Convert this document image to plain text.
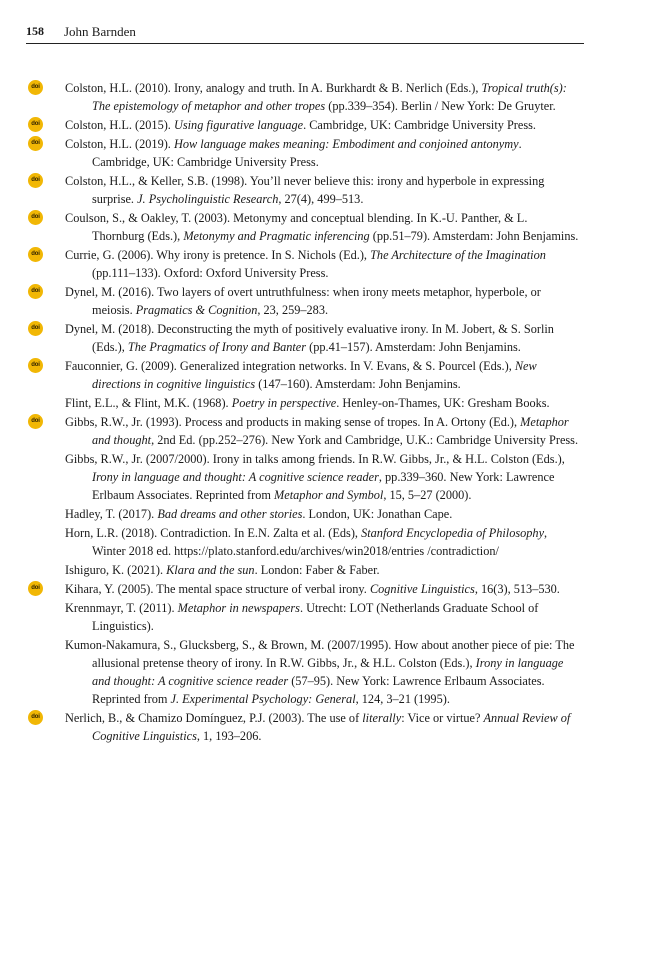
158 John Barnden
doi Colston, H.L. (2010). Irony, analogy and truth. In A. Burkhardt & B. Nerlich (Eds.), Tropical truth(s): The epistemology of metaphor and other tropes (pp.339–354). Berlin / New York: De Gruyter.
doi Colston, H.L. (2015). Using figurative language. Cambridge, UK: Cambridge University Press.
doi Colston, H.L. (2019). How language makes meaning: Embodiment and conjoined antonymy. Cambridge, UK: Cambridge University Press.
doi Colston, H.L., & Keller, S.B. (1998). You’ll never believe this: irony and hyperbole in expressing surprise. J. Psycholinguistic Research, 27(4), 499–513.
doi Coulson, S., & Oakley, T. (2003). Metonymy and conceptual blending. In K.-U. Panther, & L. Thornburg (Eds.), Metonymy and Pragmatic inferencing (pp.51–79). Amsterdam: John Benjamins.
doi Currie, G. (2006). Why irony is pretence. In S. Nichols (Ed.), The Architecture of the Imagination (pp.111–133). Oxford: Oxford University Press.
doi Dynel, M. (2016). Two layers of overt untruthfulness: when irony meets metaphor, hyperbole, or meiosis. Pragmatics & Cognition, 23, 259–283.
doi Dynel, M. (2018). Deconstructing the myth of positively evaluative irony. In M. Jobert, & S. Sorlin (Eds.), The Pragmatics of Irony and Banter (pp.41–157). Amsterdam: John Benjamins.
doi Fauconnier, G. (2009). Generalized integration networks. In V. Evans, & S. Pourcel (Eds.), New directions in cognitive linguistics (147–160). Amsterdam: John Benjamins.
Flint, E.L., & Flint, M.K. (1968). Poetry in perspective. Henley-on-Thames, UK: Gresham Books.
doi Gibbs, R.W., Jr. (1993). Process and products in making sense of tropes. In A. Ortony (Ed.), Metaphor and thought, 2nd Ed. (pp.252–276). New York and Cambridge, U.K.: Cambridge University Press.
Gibbs, R.W., Jr. (2007/2000). Irony in talks among friends. In R.W. Gibbs, Jr., & H.L. Colston (Eds.), Irony in language and thought: A cognitive science reader, pp.339–360. New York: Lawrence Erlbaum Associates. Reprinted from Metaphor and Symbol, 15, 5–27 (2000).
Hadley, T. (2017). Bad dreams and other stories. London, UK: Jonathan Cape.
Horn, L.R. (2018). Contradiction. In E.N. Zalta et al. (Eds), Stanford Encyclopedia of Philosophy, Winter 2018 ed. https://plato.stanford.edu/archives/win2018/entries /contradiction/
Ishiguro, K. (2021). Klara and the sun. London: Faber & Faber.
doi Kihara, Y. (2005). The mental space structure of verbal irony. Cognitive Linguistics, 16(3), 513–530.
Krennmayr, T. (2011). Metaphor in newspapers. Utrecht: LOT (Netherlands Graduate School of Linguistics).
Kumon-Nakamura, S., Glucksberg, S., & Brown, M. (2007/1995). How about another piece of pie: The allusional pretense theory of irony. In R.W. Gibbs, Jr., & H.L. Colston (Eds.), Irony in language and thought: A cognitive science reader (57–95). New York: Lawrence Erlbaum Associates. Reprinted from J. Experimental Psychology: General, 124, 3–21 (1995).
doi Nerlich, B., & Chamizo Domínguez, P.J. (2003). The use of literally: Vice or virtue? Annual Review of Cognitive Linguistics, 1, 193–206.
